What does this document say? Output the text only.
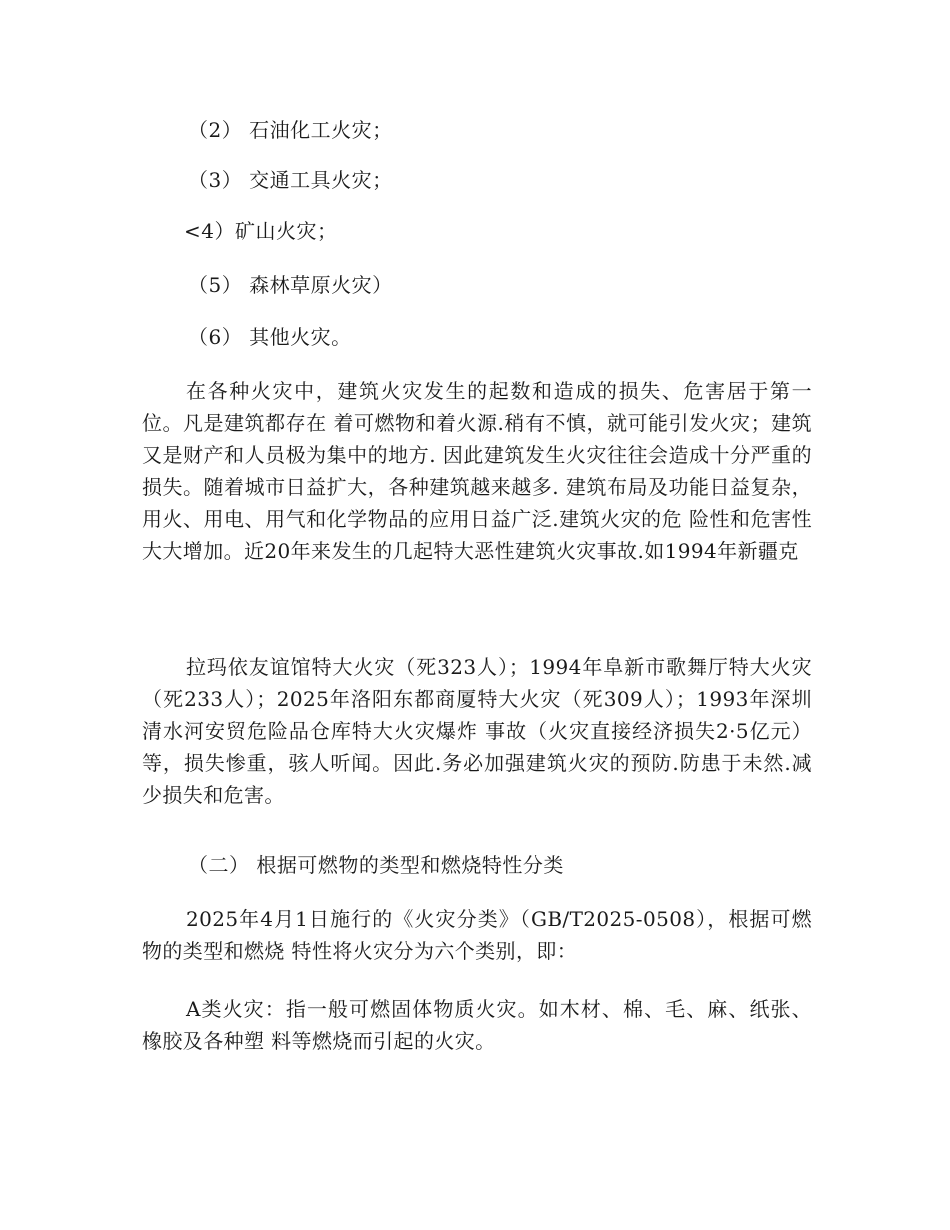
（2） 石油化工火灾；
（3） 交通工具火灾；
<4）矿山火灾；
（5） 森林草原火灾）
（6） 其他火灾。

在各种火灾中，建筑火灾发生的起数和造成的损失、危害居于第一位。凡是建筑都存在 着可燃物和着火源.稍有不慎，就可能引发火灾；建筑又是财产和人员极为集中的地方. 因此建筑发生火灾往往会造成十分严重的损失。随着城市日益扩大，各种建筑越来越多. 建筑布局及功能日益复杂，用火、用电、用气和化学物品的应用日益广泛.建筑火灾的危 险性和危害性大大增加。近20年来发生的几起特大恶性建筑火灾事故.如1994年新疆克

拉玛依友谊馆特大火灾（死323人）；1994年阜新市歌舞厅特大火灾（死233人）；2025年洛阳东都商厦特大火灾（死309人）；1993年深圳清水河安贸危险品仓库特大火灾爆炸 事故（火灾直接经济损失2·5亿元）等，损失惨重，骇人听闻。因此.务必加强建筑火灾的预防.防患于未然.减少损失和危害。

（二） 根据可燃物的类型和燃烧特性分类

2025年4月1日施行的《火灾分类》（GB/T2025-0508），根据可燃物的类型和燃烧 特性将火灾分为六个类别，即：

A类火灾：指一般可燃固体物质火灾。如木材、棉、毛、麻、纸张、橡胶及各种塑 料等燃烧而引起的火灾。
